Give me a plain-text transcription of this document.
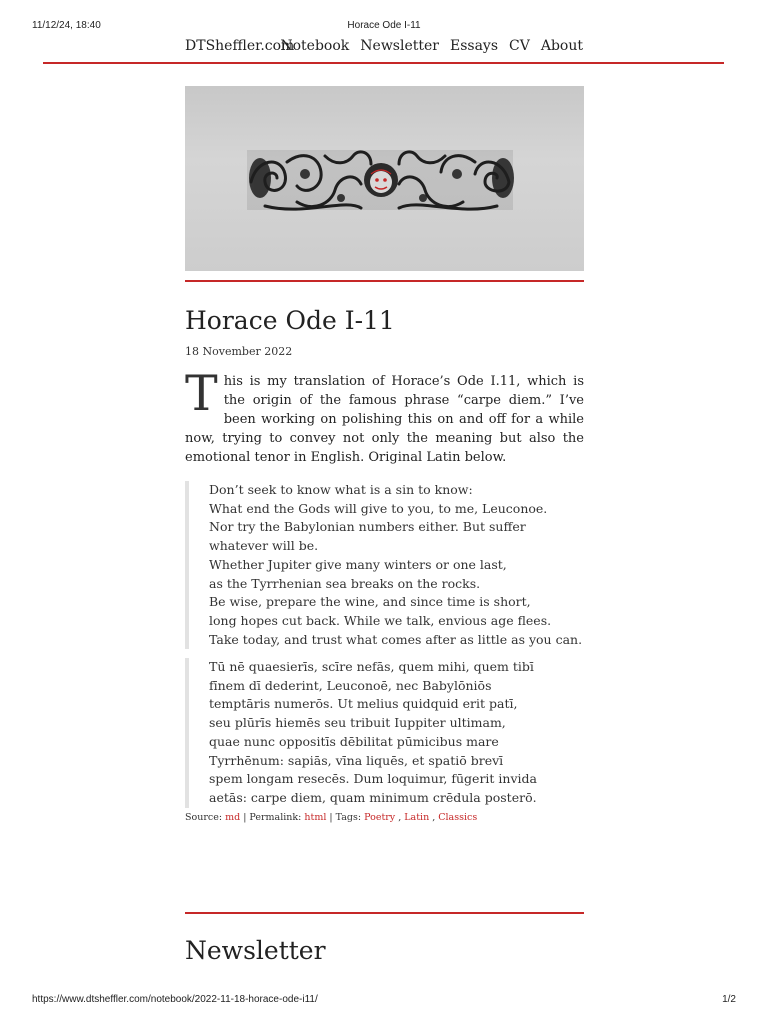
11/12/24, 18:40	Horace Ode I-11
DTSheffler.com
Notebook Newsletter Essays CV About
Horace Ode I-11
18 November 2022

This is my translation of Horace’s Ode I.11, which is the origin of the famous phrase “carpe diem.” I’ve been working on polishing this on and off for a while now, trying to convey not only the meaning but also the emotional tenor in English. Original Latin below.

Don’t seek to know what is a sin to know:
What end the Gods will give to you, to me, Leuconoe.
Nor try the Babylonian numbers either. But suffer whatever will be.
Whether Jupiter give many winters or one last,
as the Tyrrhenian sea breaks on the rocks.
Be wise, prepare the wine, and since time is short,
long hopes cut back. While we talk, envious age flees.
Take today, and trust what comes after as little as you can.
Tū nē quaesierīs, scīre nefās, quem mihi, quem tibī
fīnem dī dederint, Leuconoē, nec Babylōniōs
temptāris numerōs. Ut melius quidquid erit patī,
seu plūrīs hiemēs seu tribuit Iuppiter ultimam,
quae nunc oppositīs dēbilitat pūmicibus mare
Tyrrhēnum: sapiās, vīna liquēs, et spatiō brevī
spem longam resecēs. Dum loquimur, fūgerit invida
aetās: carpe diem, quam minimum crēdula posterō.
Source: md | Permalink: html | Tags: Poetry , Latin , Classics
Newsletter
https://www.dtsheffler.com/notebook/2022-11-18-horace-ode-i11/	1/2
